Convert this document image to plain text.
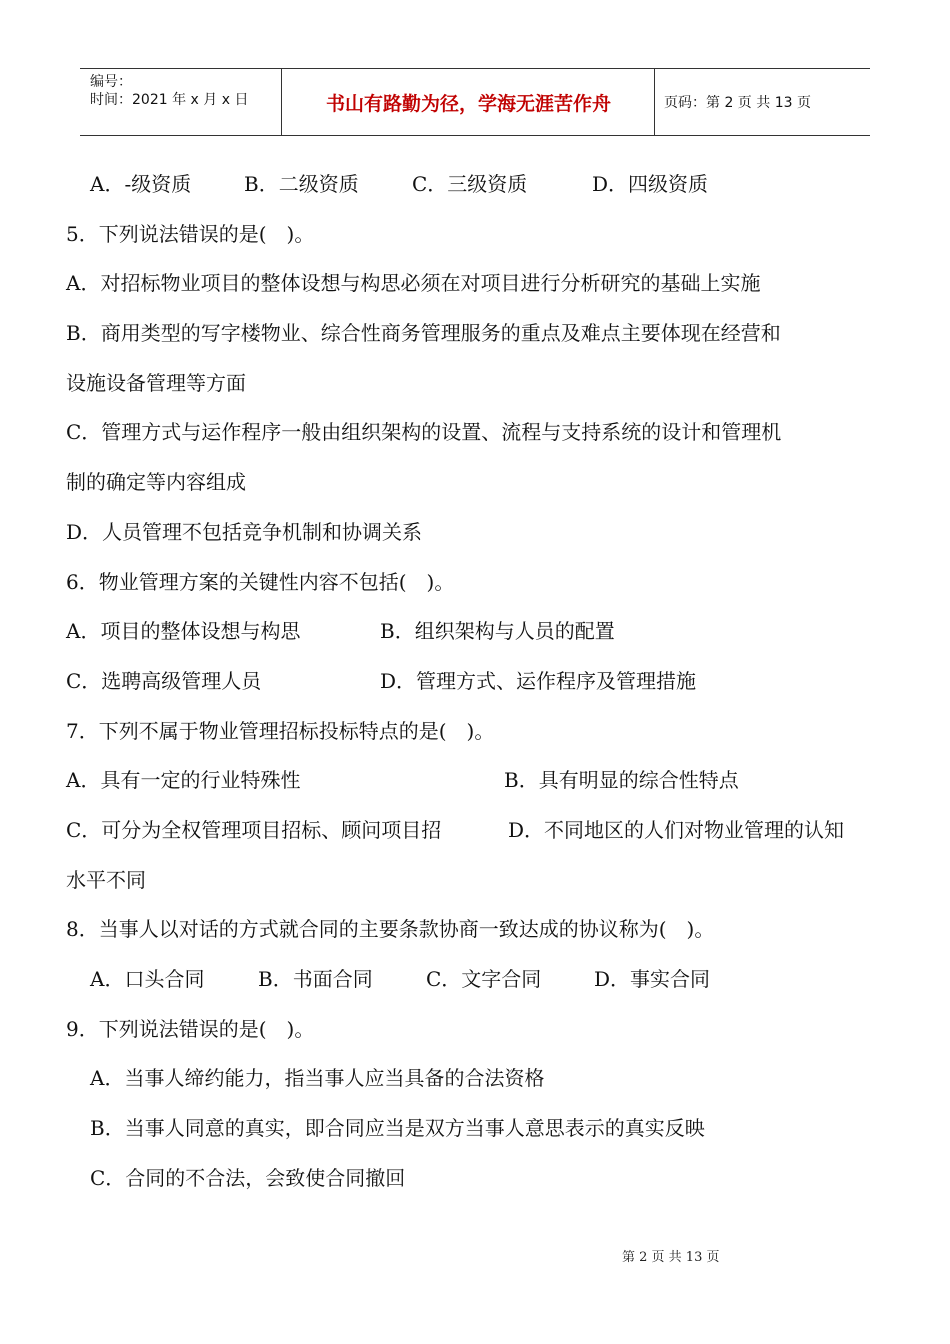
编号：
时间：2021 年 x 月 x 日	书山有路勤为径，学海无涯苦作舟	页码：第 2 页 共 13 页
A．-级资质	B．二级资质	C．三级资质	D．四级资质
5．下列说法错误的是(　)。
A．对招标物业项目的整体设想与构思必须在对项目进行分析研究的基础上实施
B．商用类型的写字楼物业、综合性商务管理服务的重点及难点主要体现在经营和
设施设备管理等方面
C．管理方式与运作程序一般由组织架构的设置、流程与支持系统的设计和管理机
制的确定等内容组成
D．人员管理不包括竞争机制和协调关系
6．物业管理方案的关键性内容不包括(　)。
A．项目的整体设想与构思	B．组织架构与人员的配置
C．选聘高级管理人员	D．管理方式、运作程序及管理措施
7．下列不属于物业管理招标投标特点的是(　)。
A．具有一定的行业特殊性	B．具有明显的综合性特点
C．可分为全权管理项目招标、顾问项目招	D．不同地区的人们对物业管理的认知
水平不同
8．当事人以对话的方式就合同的主要条款协商一致达成的协议称为(　)。
A．口头合同	B．书面合同	C．文字合同	D．事实合同
9．下列说法错误的是(　)。
A．当事人缔约能力，指当事人应当具备的合法资格
B．当事人同意的真实，即合同应当是双方当事人意思表示的真实反映
C．合同的不合法，会致使合同撤回
第 2 页 共 13 页
